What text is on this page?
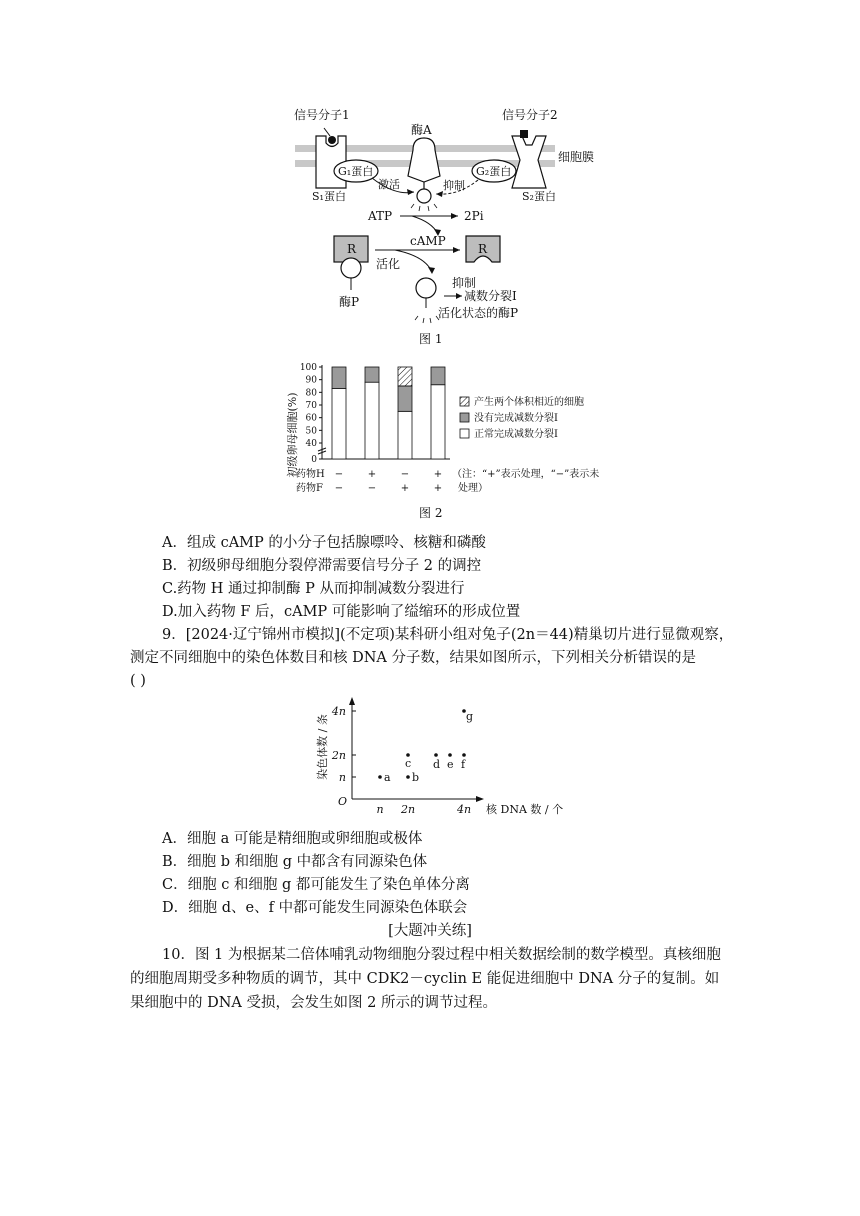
细胞膜
信号分子1
G₁蛋白
S₁蛋白
酶A
激活
G₂蛋白
抑制
信号分子2
S₂蛋白
ATP	2Pi
R
酶P
cAMP
活化
R
抑制
减数分裂Ⅰ
活化状态的酶P
图 1
初级卵母细胞(%) 0
40
50
60
70
80
90
100
−
−
+
−
−
+
+
+
药物H
药物F
（注：“+”表示处理，“−”表示未
处理）
产生两个体积相近的细胞
没有完成减数分裂Ⅰ
正常完成减数分裂Ⅰ
图 2
A．组成 cAMP 的小分子包括腺嘌呤、核糖和磷酸
B．初级卵母细胞分裂停滞需要信号分子 2 的调控
C.药物 H 通过抑制酶 P 从而抑制减数分裂进行
D.加入药物 F 后，cAMP 可能影响了缢缩环的形成位置
9．[2024·辽宁锦州市模拟](不定项)某科研小组对兔子(2n＝44)精巢切片进行显微观察，
测定不同细胞中的染色体数目和核 DNA 分子数，结果如图所示，下列相关分析错误的是
( )
n 2n	4n
n
2n
4n
a b
c d e f
g
O
核 DNA 数 / 个
染色体数 / 条
A．细胞 a 可能是精细胞或卵细胞或极体
B．细胞 b 和细胞 g 中都含有同源染色体
C．细胞 c 和细胞 g 都可能发生了染色单体分离
D．细胞 d、e、f 中都可能发生同源染色体联会
[大题冲关练]
10．图 1 为根据某二倍体哺乳动物细胞分裂过程中相关数据绘制的数学模型。真核细胞
的细胞周期受多种物质的调节，其中 CDK2－cyclin E 能促进细胞中 DNA 分子的复制。如
果细胞中的 DNA 受损，会发生如图 2 所示的调节过程。
